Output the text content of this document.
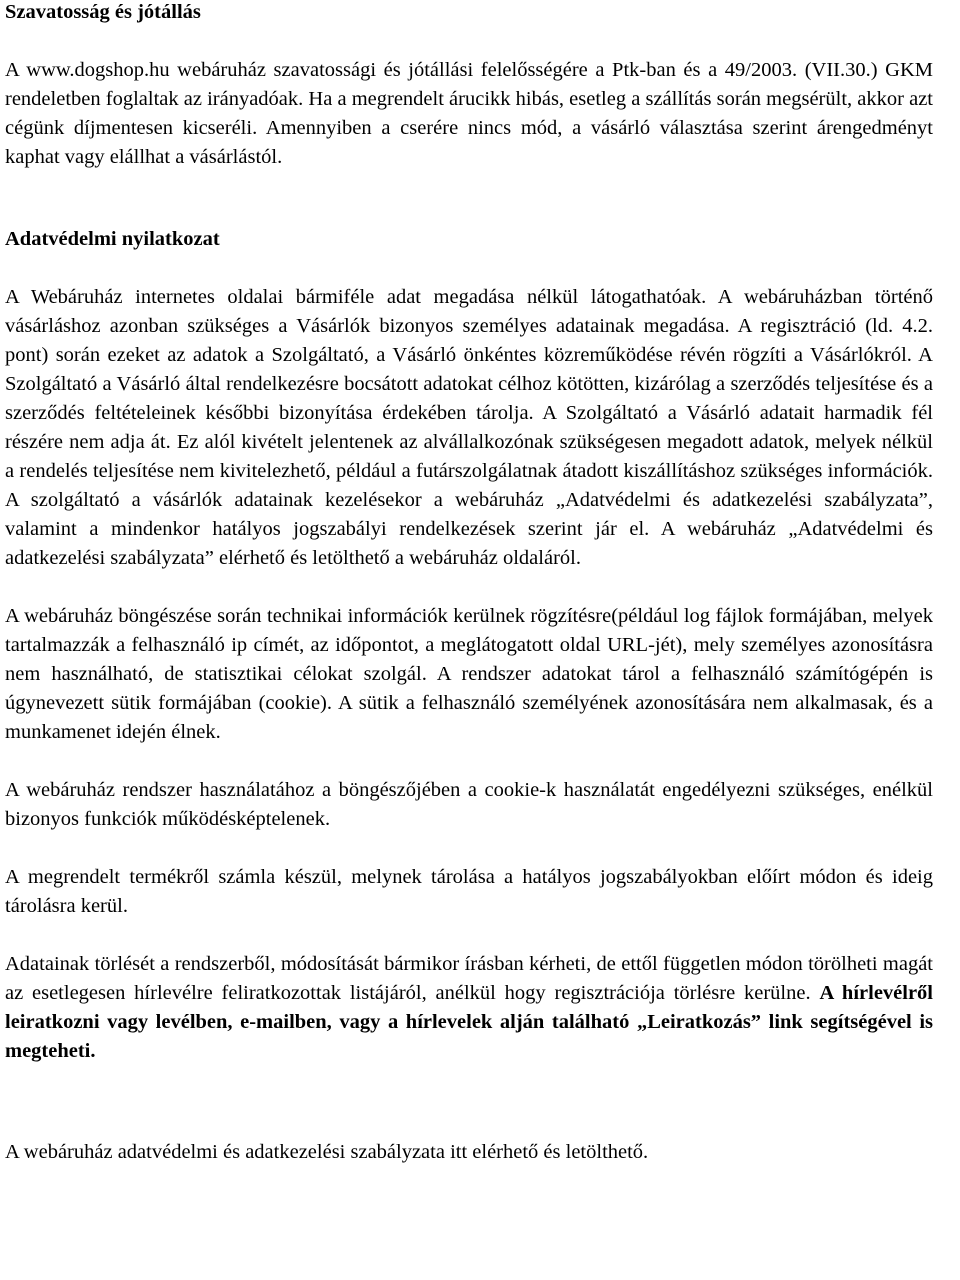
Szavatosság és jótállás

A www.dogshop.hu webáruház szavatossági és jótállási felelősségére a Ptk-ban és a 49/2003. (VII.30.) GKM rendeletben foglaltak az irányadóak. Ha a megrendelt árucikk hibás, esetleg a szállítás során megsérült, akkor azt cégünk díjmentesen kicseréli. Amennyiben a cserére nincs mód, a vásárló választása szerint árengedményt kaphat vagy elállhat a vásárlástól.

Adatvédelmi nyilatkozat

A Webáruház internetes oldalai bármiféle adat megadása nélkül látogathatóak. A webáruházban történő vásárláshoz azonban szükséges a Vásárlók bizonyos személyes adatainak megadása. A regisztráció (ld. 4.2. pont) során ezeket az adatok a Szolgáltató, a Vásárló önkéntes közreműködése révén rögzíti a Vásárlókról. A Szolgáltató a Vásárló által rendelkezésre bocsátott adatokat célhoz kötötten, kizárólag a szerződés teljesítése és a szerződés feltételeinek későbbi bizonyítása érdekében tárolja. A Szolgáltató a Vásárló adatait harmadik fél részére nem adja át. Ez alól kivételt jelentenek az alvállalkozónak szükségesen megadott adatok, melyek nélkül a rendelés teljesítése nem kivitelezhető, például a futárszolgálatnak átadott kiszállításhoz szükséges információk. A szolgáltató a vásárlók adatainak kezelésekor a webáruház „Adatvédelmi és adatkezelési szabályzata”, valamint a mindenkor hatályos jogszabályi rendelkezések szerint jár el. A webáruház „Adatvédelmi és adatkezelési szabályzata” elérhető és letölthető a webáruház oldaláról.

A webáruház böngészése során technikai információk kerülnek rögzítésre(például log fájlok formájában, melyek tartalmazzák a felhasználó ip címét, az időpontot, a meglátogatott oldal URL-jét), mely személyes azonosításra nem használható, de statisztikai célokat szolgál. A rendszer adatokat tárol a felhasználó számítógépén is úgynevezett sütik formájában (cookie). A sütik a felhasználó személyének azonosítására nem alkalmasak, és a munkamenet idején élnek.

A webáruház rendszer használatához a böngészőjében a cookie-k használatát engedélyezni szükséges, enélkül bizonyos funkciók működésképtelenek.

A megrendelt termékről számla készül, melynek tárolása a hatályos jogszabályokban előírt módon és ideig tárolásra kerül.

Adatainak törlését a rendszerből, módosítását bármikor írásban kérheti, de ettől független módon törölheti magát az esetlegesen hírlevélre feliratkozottak listájáról, anélkül hogy regisztrációja törlésre kerülne. A hírlevélről leiratkozni vagy levélben, e-mailben, vagy a hírlevelek alján található „Leiratkozás” link segítségével is megteheti.

A webáruház adatvédelmi és adatkezelési szabályzata itt elérhető és letölthető.
